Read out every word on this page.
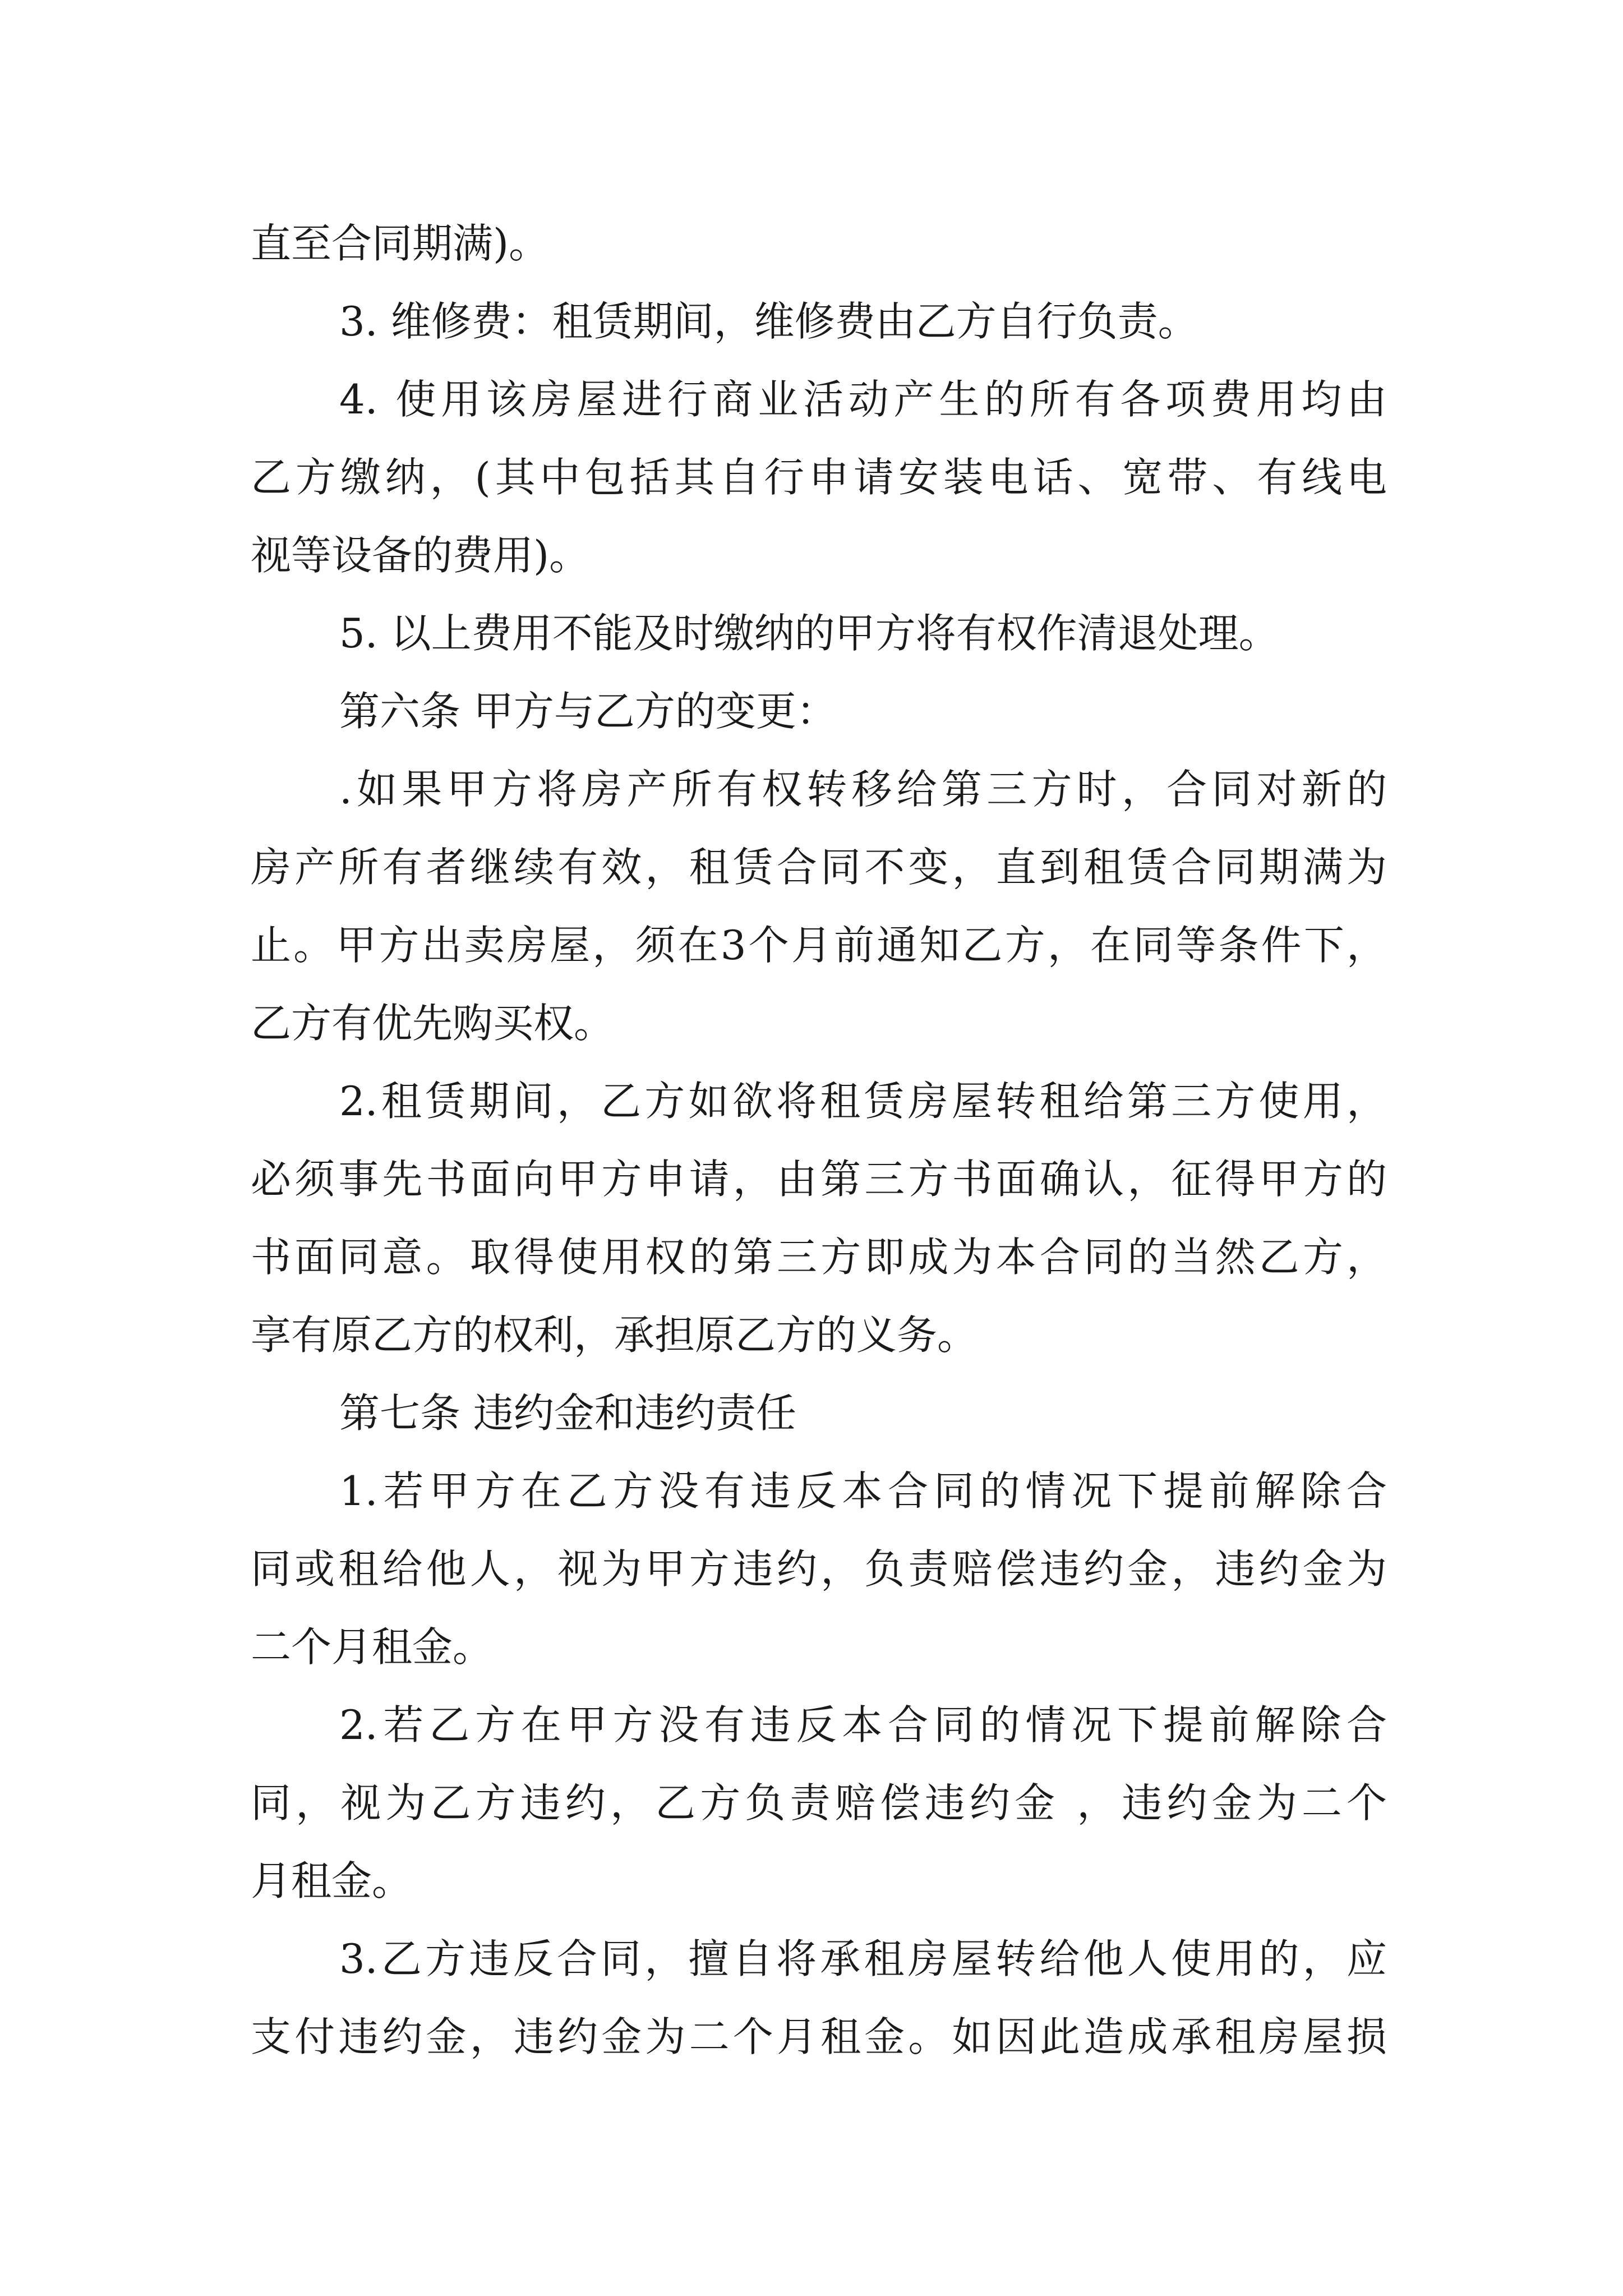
直至合同期满)。
3. 维修费：租赁期间，维修费由乙方自行负责。
4. 使用该房屋进行商业活动产生的所有各项费用均由
乙方缴纳，(其中包括其自行申请安装电话、宽带、有线电
视等设备的费用)。
5. 以上费用不能及时缴纳的甲方将有权作清退处理。
第六条 甲方与乙方的变更：
.如果甲方将房产所有权转移给第三方时，合同对新的
房产所有者继续有效，租赁合同不变，直到租赁合同期满为
止。甲方出卖房屋，须在3个月前通知乙方，在同等条件下，
乙方有优先购买权。
2.租赁期间，乙方如欲将租赁房屋转租给第三方使用，
必须事先书面向甲方申请，由第三方书面确认，征得甲方的
书面同意。取得使用权的第三方即成为本合同的当然乙方，
享有原乙方的权利，承担原乙方的义务。
第七条 违约金和违约责任
1.若甲方在乙方没有违反本合同的情况下提前解除合
同或租给他人，视为甲方违约，负责赔偿违约金，违约金为
二个月租金。
2.若乙方在甲方没有违反本合同的情况下提前解除合
同，视为乙方违约，乙方负责赔偿违约金 ，违约金为二个
月租金。
3.乙方违反合同，擅自将承租房屋转给他人使用的，应
支付违约金，违约金为二个月租金。如因此造成承租房屋损
